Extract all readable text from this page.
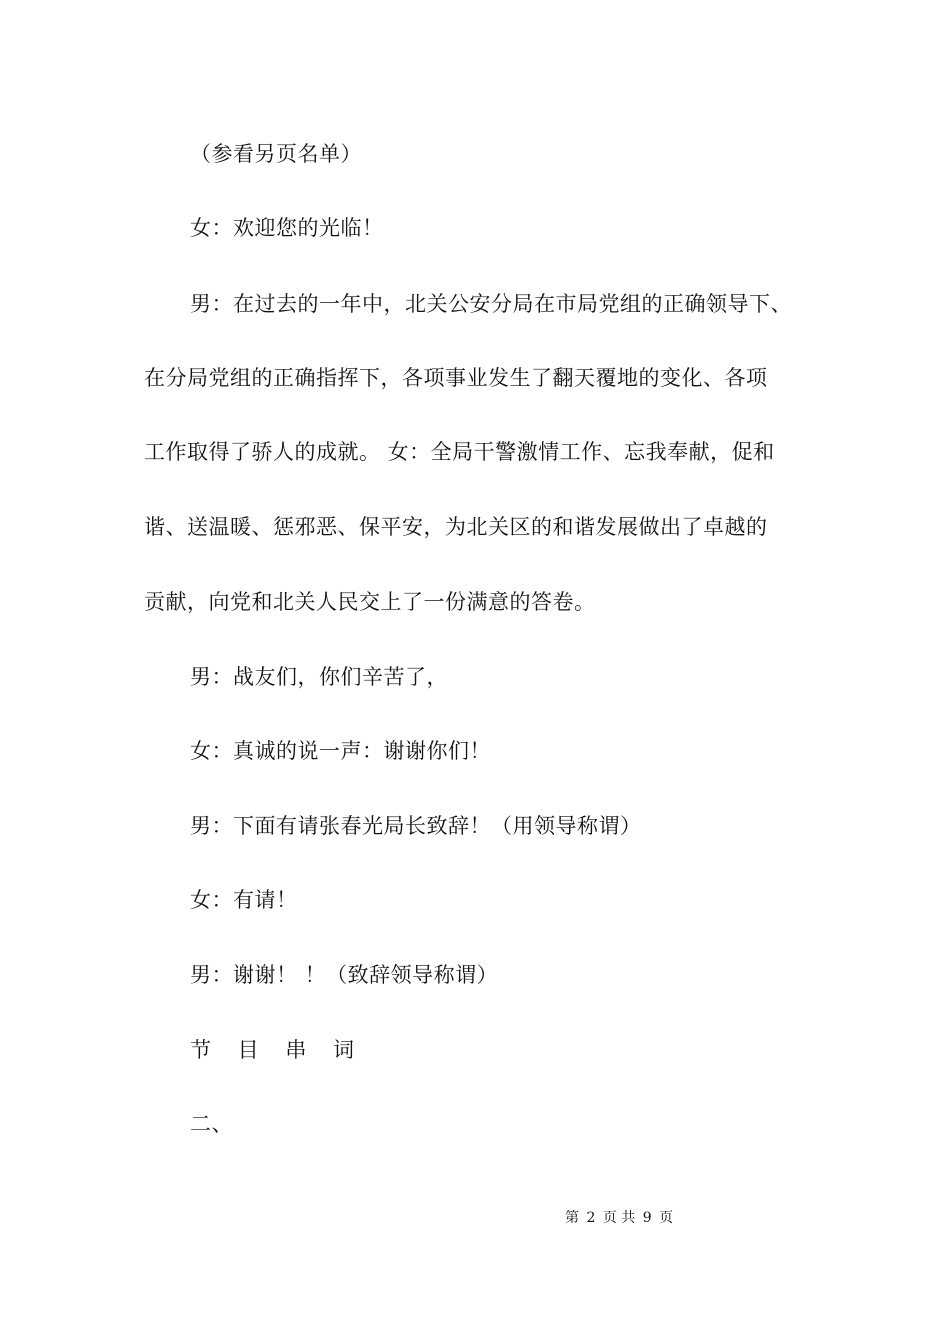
（参看另页名单）
女：欢迎您的光临！
男：在过去的一年中，北关公安分局在市局党组的正确领导下、
在分局党组的正确指挥下，各项事业发生了翻天覆地的变化、各项
工作取得了骄人的成就。 女：全局干警激情工作、忘我奉献，促和
谐、送温暖、惩邪恶、保平安，为北关区的和谐发展做出了卓越的
贡献，向党和北关人民交上了一份满意的答卷。
男：战友们，你们辛苦了，
女：真诚的说一声：谢谢你们！
男：下面有请张春光局长致辞！（用领导称谓）
女：有请！
男：谢谢！ ！（致辞领导称谓）
节 目 串 词
二、
第 2 页 共 9 页
